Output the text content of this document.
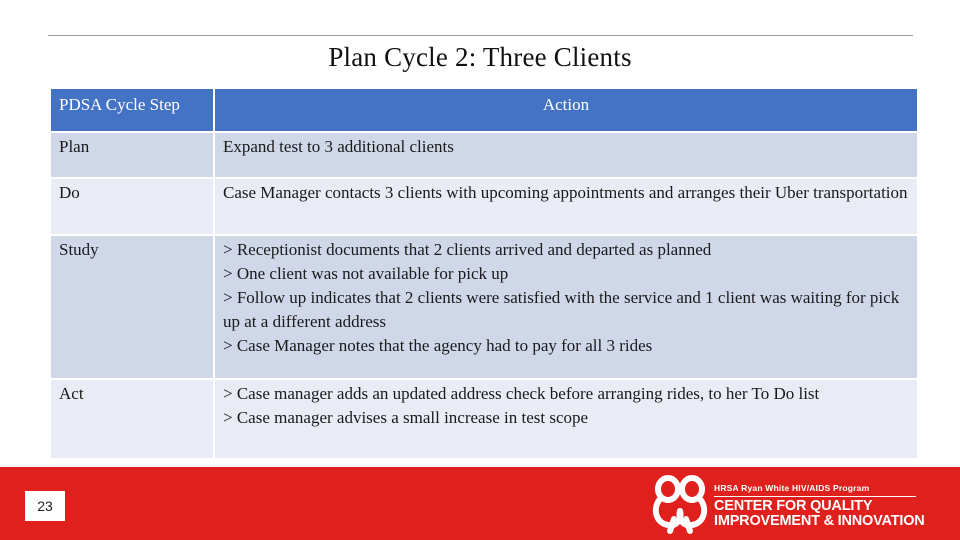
Plan Cycle 2: Three Clients
PDSA Cycle Step	Action
Plan	Expand test to 3 additional clients

Do	Case Manager contacts 3 clients with upcoming appointments and arranges their Uber transportation

Study	> Receptionist documents that 2 clients arrived and departed as planned
> One client was not available for pick up
> Follow up indicates that 2 clients were satisfied with the service and 1 client was waiting for pick up at a different address
> Case Manager notes that the agency had to pay for all 3 rides

Act	> Case manager adds an updated address check before arranging rides, to her To Do list
> Case manager advises a small increase in test scope
23
HRSA Ryan White HIV/AIDS Program
CENTER FOR QUALITY
IMPROVEMENT & INNOVATION
